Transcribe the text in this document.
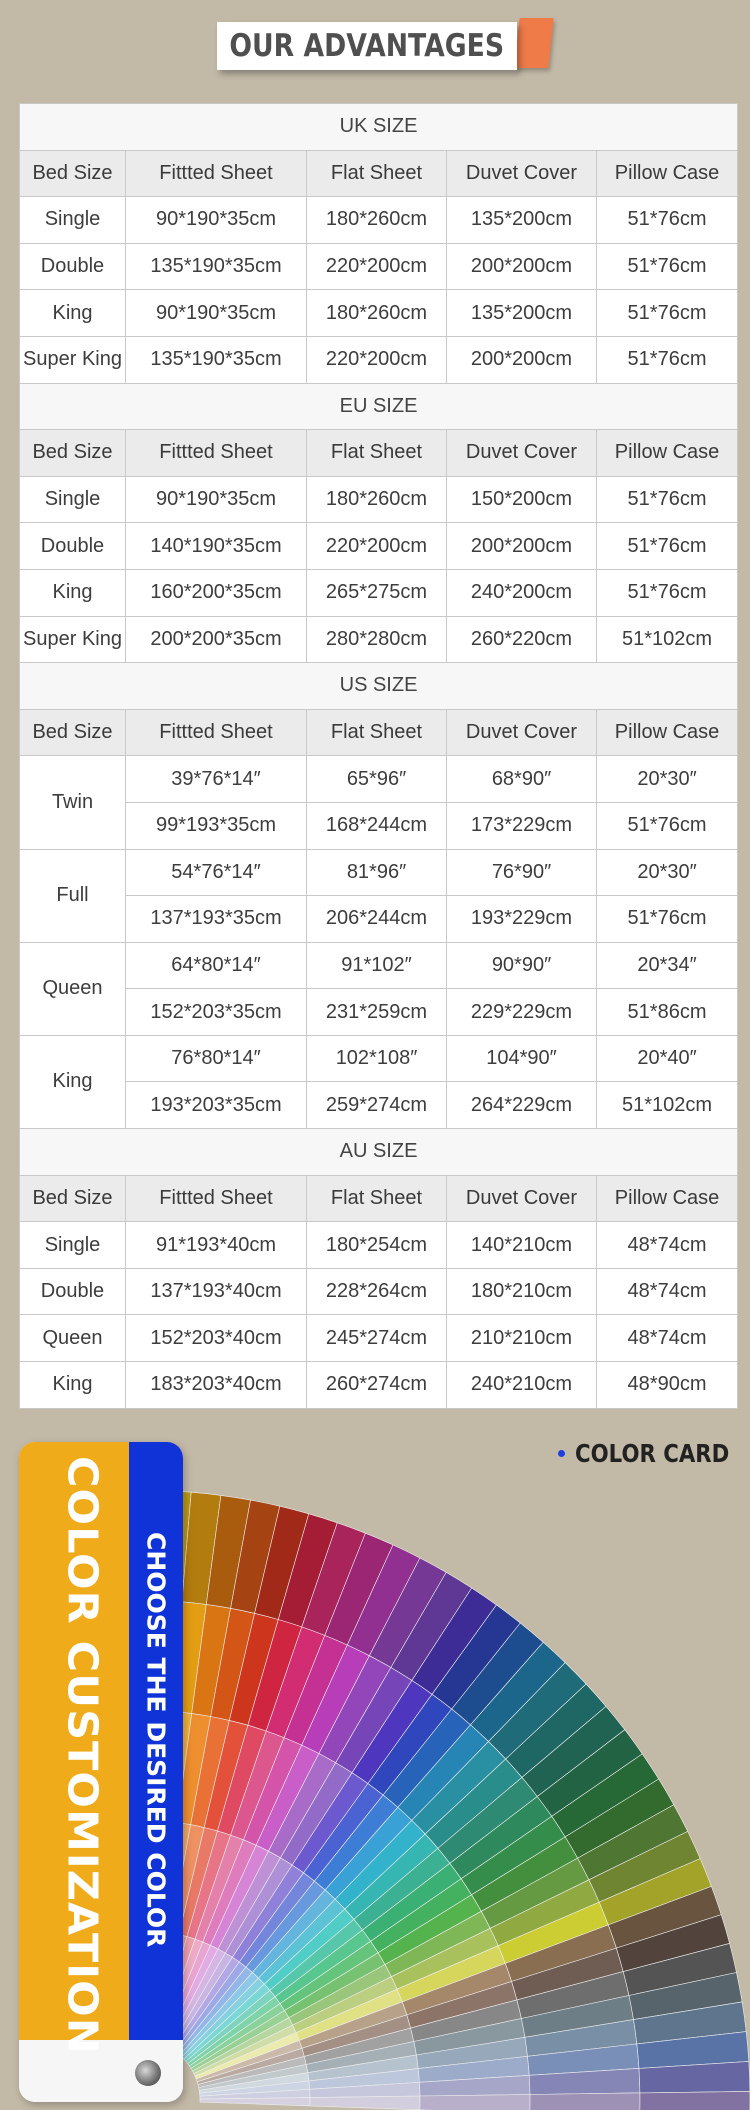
OUR ADVANTAGES
UK SIZE				
Bed Size	Fittted Sheet	Flat Sheet	Duvet Cover	Pillow Case
Single	90*190*35cm	180*260cm	135*200cm	51*76cm
Double	135*190*35cm	220*200cm	200*200cm	51*76cm
King	90*190*35cm	180*260cm	135*200cm	51*76cm
Super King	135*190*35cm	220*200cm	200*200cm	51*76cm
EU SIZE				
Bed Size	Fittted Sheet	Flat Sheet	Duvet Cover	Pillow Case
Single	90*190*35cm	180*260cm	150*200cm	51*76cm
Double	140*190*35cm	220*200cm	200*200cm	51*76cm
King	160*200*35cm	265*275cm	240*200cm	51*76cm
Super King	200*200*35cm	280*280cm	260*220cm	51*102cm
US SIZE				
Bed Size	Fittted Sheet	Flat Sheet	Duvet Cover	Pillow Case
Twin	39*76*14″	65*96″	68*90″	20*30″
	99*193*35cm	168*244cm	173*229cm	51*76cm
Full	54*76*14″	81*96″	76*90″	20*30″
	137*193*35cm	206*244cm	193*229cm	51*76cm
Queen	64*80*14″	91*102″	90*90″	20*34″
	152*203*35cm	231*259cm	229*229cm	51*86cm
King	76*80*14″	102*108″	104*90″	20*40″
	193*203*35cm	259*274cm	264*229cm	51*102cm
AU SIZE				
Bed Size	Fittted Sheet	Flat Sheet	Duvet Cover	Pillow Case
Single	91*193*40cm	180*254cm	140*210cm	48*74cm
Double	137*193*40cm	228*264cm	180*210cm	48*74cm
Queen	152*203*40cm	245*274cm	210*210cm	48*74cm
King	183*203*40cm	260*274cm	240*210cm	48*90cm
COLOR CARD
COLOR CUSTOMIZATION CHOOSE THE DESIRED COLOR
